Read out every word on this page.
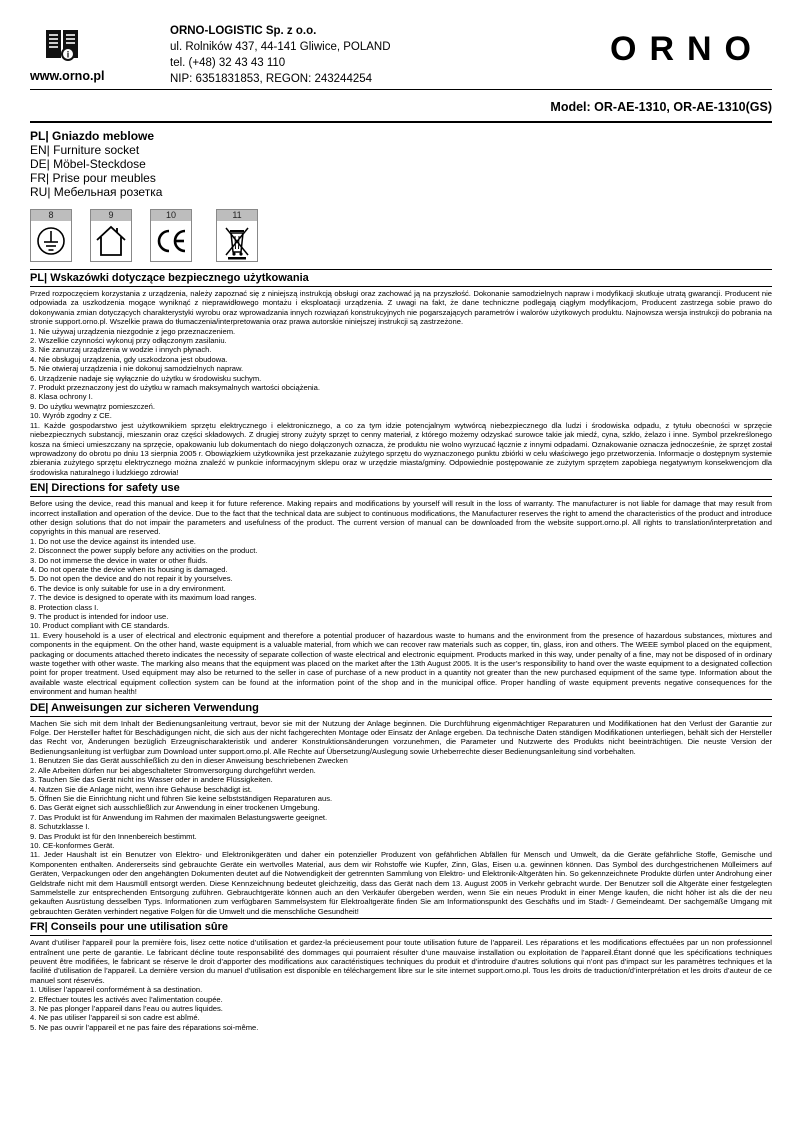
i
www.orno.pl
ORNO-LOGISTIC Sp. z o.o.
ul. Rolników 437, 44-141 Gliwice, POLAND
tel. (+48) 32 43 43 110
NIP: 6351831853, REGON: 243244254
ORNO
Model: OR-AE-1310, OR-AE-1310(GS)
PL| Gniazdo meblowe
EN| Furniture socket
DE| Möbel-Steckdose
FR| Prise pour meubles
RU| Мебельная розетка
8	9	10	11
PL| Wskazówki dotyczące bezpiecznego użytkowania

Przed rozpoczęciem korzystania z urządzenia, należy zapoznać się z niniejszą instrukcją obsługi oraz zachować ją na przyszłość. Dokonanie samodzielnych napraw i modyfikacji skutkuje utratą gwarancji. Producent nie odpowiada za uszkodzenia mogące wyniknąć z nieprawidłowego montażu i eksploatacji urządzenia. Z uwagi na fakt, że dane techniczne podlegają ciągłym modyfikacjom, Producent zastrzega sobie prawo do dokonywania zmian dotyczących charakterystyki wyrobu oraz wprowadzania innych rozwiązań konstrukcyjnych nie pogarszających parametrów i walorów użytkowych produktu. Najnowsza wersja instrukcji do pobrania na stronie support.orno.pl. Wszelkie prawa do tłumaczenia/interpretowania oraz prawa autorskie niniejszej instrukcji są zastrzeżone.

1. Nie używaj urządzenia niezgodnie z jego przeznaczeniem.
2. Wszelkie czynności wykonuj przy odłączonym zasilaniu.
3. Nie zanurzaj urządzenia w wodzie i innych płynach.
4. Nie obsługuj urządzenia, gdy uszkodzona jest obudowa.
5. Nie otwieraj urządzenia i nie dokonuj samodzielnych napraw.
6. Urządzenie nadaje się wyłącznie do użytku w środowisku suchym.
7. Produkt przeznaczony jest do użytku w ramach maksymalnych wartości obciążenia.
8. Klasa ochrony I.
9. Do użytku wewnątrz pomieszczeń.
10. Wyrób zgodny z CE.
11. Każde gospodarstwo jest użytkownikiem sprzętu elektrycznego i elektronicznego, a co za tym idzie potencjalnym wytwórcą niebezpiecznego dla ludzi i środowiska odpadu, z tytułu obecności w sprzęcie niebezpiecznych substancji, mieszanin oraz części składowych. Z drugiej strony zużyty sprzęt to cenny materiał, z którego możemy odzyskać surowce takie jak miedź, cyna, szkło, żelazo i inne. Symbol przekreślonego kosza na śmieci umieszczany na sprzęcie, opakowaniu lub dokumentach do niego dołączonych oznacza, że produktu nie wolno wyrzucać łącznie z innymi odpadami. Oznakowanie oznacza jednocześnie, że sprzęt został wprowadzony do obrotu po dniu 13 sierpnia 2005 r. Obowiązkiem użytkownika jest przekazanie zużytego sprzętu do wyznaczonego punktu zbiórki w celu właściwego jego przetworzenia. Informacje o dostępnym systemie zbierania zużytego sprzętu elektrycznego można znaleźć w punkcie informacyjnym sklepu oraz w urzędzie miasta/gminy. Odpowiednie postępowanie ze zużytym sprzętem zapobiega negatywnym konsekwencjom dla środowiska naturalnego i ludzkiego zdrowia!
EN| Directions for safety use

Before using the device, read this manual and keep it for future reference. Making repairs and modifications by yourself will result in the loss of warranty. The manufacturer is not liable for damage that may result from incorrect installation and operation of the device. Due to the fact that the technical data are subject to continuous modifications, the Manufacturer reserves the right to amend the characteristics of the product and introduce other design solutions that do not impair the parameters and usefulness of the product. The current version of manual can be downloaded from the website support.orno.pl. All rights to translation/interpretation and copyrights in this manual are reserved.

1. Do not use the device against its intended use.
2. Disconnect the power supply before any activities on the product.
3. Do not immerse the device in water or other fluids.
4. Do not operate the device when its housing is damaged.
5. Do not open the device and do not repair it by yourselves.
6. The device is only suitable for use in a dry environment.
7. The device is designed to operate with its maximum load ranges.
8. Protection class I.
9. The product is intended for indoor use.
10. Product compliant with CE standards.
11. Every household is a user of electrical and electronic equipment and therefore a potential producer of hazardous waste to humans and the environment from the presence of hazardous substances, mixtures and components in the equipment. On the other hand, waste equipment is a valuable material, from which we can recover raw materials such as copper, tin, glass, iron and others. The WEEE symbol placed on the equipment, packaging or documents attached thereto indicates the necessity of separate collection of waste electrical and electronic equipment. Products marked in this way, under penalty of a fine, may not be disposed of in ordinary waste together with other waste. The marking also means that the equipment was placed on the market after the 13th August 2005. It is the user’s responsibility to hand over the waste equipment to a designated collection point for proper treatment. Used equipment may also be returned to the seller in case of purchase of a new product in a quantity not greater than the new purchased equipment of the same type. Information about the available waste electrical equipment collection system can be found at the information point of the shop and in the municipal office. Proper handling of waste equipment prevents negative consequences for the environment and human health!
DE| Anweisungen zur sicheren Verwendung

Machen Sie sich mit dem Inhalt der Bedienungsanleitung vertraut, bevor sie mit der Nutzung der Anlage beginnen. Die Durchführung eigenmächtiger Reparaturen und Modifikationen hat den Verlust der Garantie zur Folge. Der Hersteller haftet für Beschädigungen nicht, die sich aus der nicht fachgerechten Montage oder Einsatz der Anlage ergeben. Da technische Daten ständigen Modifikationen unterliegen, behält sich der Hersteller das Recht vor, Änderungen bezüglich Erzeugnischarakteristik und anderer Konstruktionsänderungen vorzunehmen, die Parameter und Nutzwerte des Produkts nicht beeinträchtigen. Die neuste Version der Bedienungsanleitung ist verfügbar zum Download unter support.orno.pl. Alle Rechte auf Übersetzung/Auslegung sowie Urheberrechte dieser Bedienungsanleitung sind vorbehalten.

1. Benutzen Sie das Gerät ausschließlich zu den in dieser Anweisung beschriebenen Zwecken
2. Alle Arbeiten dürfen nur bei abgeschalteter Stromversorgung durchgeführt werden.
3. Tauchen Sie das Gerät nicht ins Wasser oder in andere Flüssigkeiten.
4. Nutzen Sie die Anlage nicht, wenn ihre Gehäuse beschädigt ist.
5. Öffnen Sie die Einrichtung nicht und führen Sie keine selbstständigen Reparaturen aus.
6. Das Gerät eignet sich ausschließlich zur Anwendung in einer trockenen Umgebung.
7. Das Produkt ist für Anwendung im Rahmen der maximalen Belastungswerte geeignet.
8. Schutzklasse I.
9. Das Produkt ist für den Innenbereich bestimmt.
10. CE-konformes Gerät.
11. Jeder Haushalt ist ein Benutzer von Elektro- und Elektronikgeräten und daher ein potenzieller Produzent von gefährlichen Abfällen für Mensch und Umwelt, da die Geräte gefährliche Stoffe, Gemische und Komponenten enthalten. Andererseits sind gebrauchte Geräte ein wertvolles Material, aus dem wir Rohstoffe wie Kupfer, Zinn, Glas, Eisen u.a. gewinnen können. Das Symbol des durchgestrichenen Mülleimers auf Geräten, Verpackungen oder den angehängten Dokumenten deutet auf die Notwendigkeit der getrennten Sammlung von Elektro- und Elektronik-Altgeräten hin. So gekennzeichnete Produkte dürfen unter Androhung einer Geldstrafe nicht mit dem Hausmüll entsorgt werden. Diese Kennzeichnung bedeutet gleichzeitig, dass das Gerät nach dem 13. August 2005 in Verkehr gebracht wurde. Der Benutzer soll die Altgeräte einer festgelegten Sammelstelle zur entsprechenden Entsorgung zuführen. Gebrauchtgeräte können auch an den Verkäufer übergeben werden, wenn Sie ein neues Produkt in einer Menge kaufen, die nicht höher ist als die der neu gekauften Ausrüstung desselben Typs. Informationen zum verfügbaren Sammelsystem für Elektroaltgeräte finden Sie am Informationspunkt des Geschäfts und im Stadt- / Gemeindeamt. Der sachgemäße Umgang mit gebrauchten Geräten verhindert negative Folgen für die Umwelt und die menschliche Gesundheit!
FR| Conseils pour une utilisation sûre

Avant d’utiliser l’appareil pour la première fois, lisez cette notice d’utilisation et gardez-la précieusement pour toute utilisation future de l’appareil. Les réparations et les modifications effectuées par un non professionnel entraînent une perte de garantie. Le fabricant décline toute responsabilité des dommages qui pourraient résulter d’une mauvaise installation ou exploitation de l’appareil.Étant donné que les spécifications techniques peuvent être modifiées, le fabricant se réserve le droit d’apporter des modifications aux caractéristiques techniques du produit et d’introduire d’autres solutions qui n’ont pas d’impact sur les paramètres techniques et la facilité d’utilisation de l’appareil. La dernière version du manuel d’utilisation est disponible en téléchargement libre sur le site internet support.orno.pl. Tous les droits de traduction/d’interprétation et les droits d’auteur de ce manuel sont réservés.

1. Utiliser l’appareil conformément à sa destination.
2. Effectuer toutes les activés avec l’alimentation coupée.
3. Ne pas plonger l’appareil dans l’eau ou autres liquides.
4. Ne pas utiliser l’appareil si son cadre est abîmé.
5. Ne pas ouvrir l’appareil et ne pas faire des réparations soi-même.
